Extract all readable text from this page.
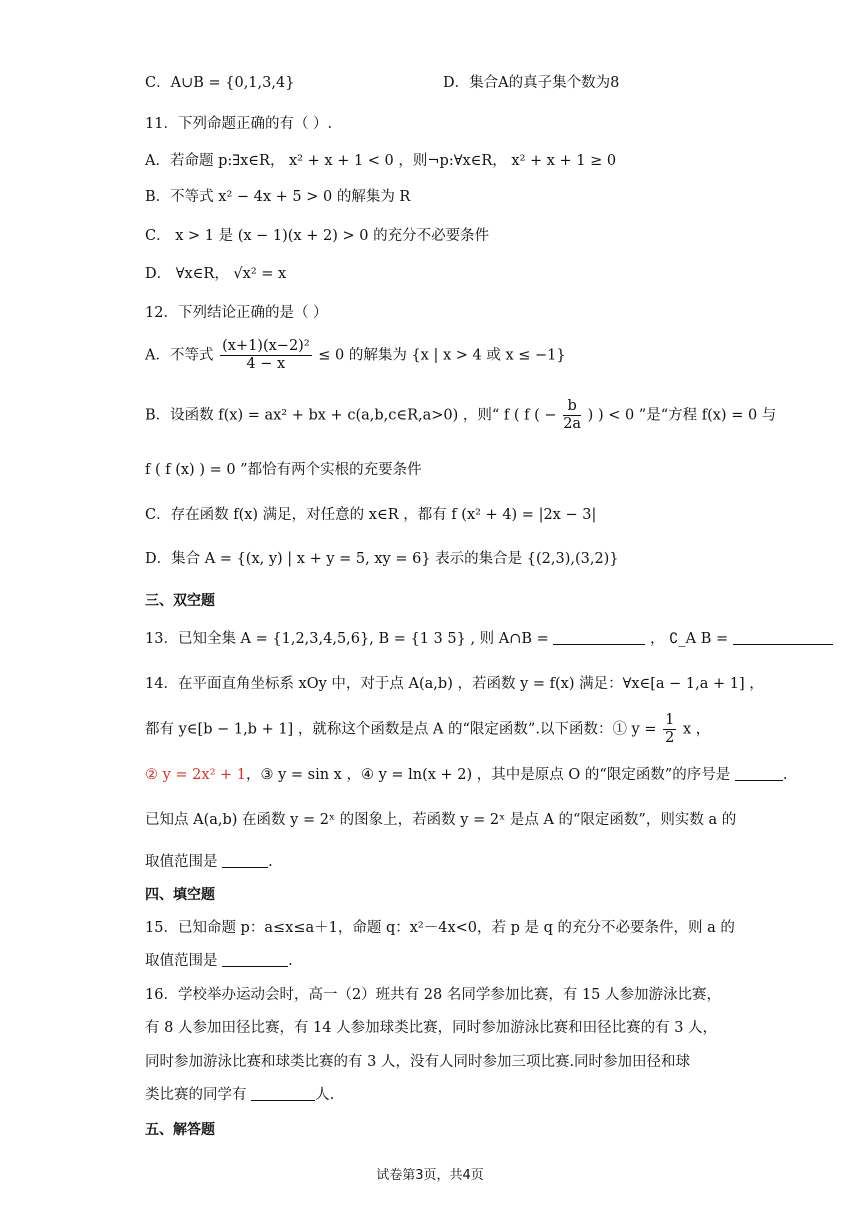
C．A∪B = {0,1,3,4}	D．集合A的真子集个数为8
11．下列命题正确的有（ ）.
A．若命题 p:∃x∈R， x² + x + 1 < 0 ，则¬p:∀x∈R， x² + x + 1 ≥ 0
B．不等式 x² − 4x + 5 > 0 的解集为 R
C． x > 1 是 (x − 1)(x + 2) > 0 的充分不必要条件
D． ∀x∈R， √x² = x
12．下列结论正确的是（ ）
A．不等式 $\frac{\text{(x+1)(x−2)²}}{4 - x} \le 0$ 的解集为 {x | x > 4 或 x ≤ −1}
B．设函数 f(x) = ax² + bx + c(a,b,c∈R,a>0) ，则“ f ( f ( − $\frac{b}{2a}$ ) ) < 0 ”是“方程 f(x) = 0 与
f ( f (x) ) = 0 ”都恰有两个实根的充要条件
C．存在函数 f(x) 满足，对任意的 x∈R ，都有 f (x² + 4) = |2x − 3|
D．集合 A = {(x, y) | x + y = 5, xy = 6} 表示的集合是 {(2,3),(3,2)}
三、双空题
13．已知全集 A = {1,2,3,4,5,6}, B = {1 3 5} , 则 A∩B =	， ∁_A B =
14．在平面直角坐标系 xOy 中，对于点 A(a,b) ，若函数 y = f(x) 满足：∀x∈[a − 1,a + 1] ，
都有 y∈[b − 1,b + 1] ，就称这个函数是点 A 的“限定函数”.以下函数：① $y = \frac{1}{2}$ x ，
② y = 2x² + 1，③ y = sin x ，④ y = ln(x + 2) ，其中是原点 O 的“限定函数”的序号是	.
已知点 A(a,b) 在函数 y = 2ˣ 的图象上，若函数 y = 2ˣ 是点 A 的“限定函数”，则实数 a 的
取值范围是	.
四、填空题
15．已知命题 p：a≤x≤a＋1，命题 q：x²－4x<0，若 p 是 q 的充分不必要条件，则 a 的
取值范围是	.
16．学校举办运动会时，高一（2）班共有 28 名同学参加比赛，有 15 人参加游泳比赛，
有 8 人参加田径比赛，有 14 人参加球类比赛，同时参加游泳比赛和田径比赛的有 3 人，
同时参加游泳比赛和球类比赛的有 3 人，没有人同时参加三项比赛.同时参加田径和球
类比赛的同学有	人.
五、解答题
试卷第3页，共4页
